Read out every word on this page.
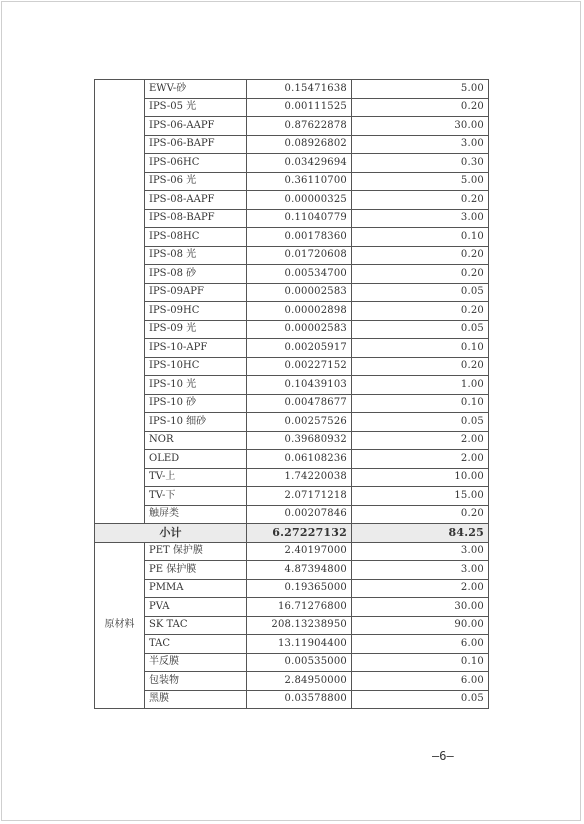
	EWV-砂	0.15471638	5.00
	IPS-05 光	0.00111525	0.20
	IPS-06-AAPF	0.87622878	30.00
	IPS-06-BAPF	0.08926802	3.00
	IPS-06HC	0.03429694	0.30
	IPS-06 光	0.36110700	5.00
	IPS-08-AAPF	0.00000325	0.20
	IPS-08-BAPF	0.11040779	3.00
	IPS-08HC	0.00178360	0.10
	IPS-08 光	0.01720608	0.20
	IPS-08 砂	0.00534700	0.20
	IPS-09APF	0.00002583	0.05
	IPS-09HC	0.00002898	0.20
	IPS-09 光	0.00002583	0.05
	IPS-10-APF	0.00205917	0.10
	IPS-10HC	0.00227152	0.20
	IPS-10 光	0.10439103	1.00
	IPS-10 砂	0.00478677	0.10
	IPS-10 细砂	0.00257526	0.05
	NOR	0.39680932	2.00
	OLED	0.06108236	2.00
	TV-上	1.74220038	10.00
	TV-下	2.07171218	15.00
	触屏类	0.00207846	0.20
小计		6.27227132	84.25
原材料	PET 保护膜	2.40197000	3.00
	PE 保护膜	4.87394800	3.00
	PMMA	0.19365000	2.00
	PVA	16.71276800	30.00
	SK TAC	208.13238950	90.00
	TAC	13.11904400	6.00
	半反膜	0.00535000	0.10
	包装物	2.84950000	6.00
	黑膜	0.03578800	0.05
—6—
